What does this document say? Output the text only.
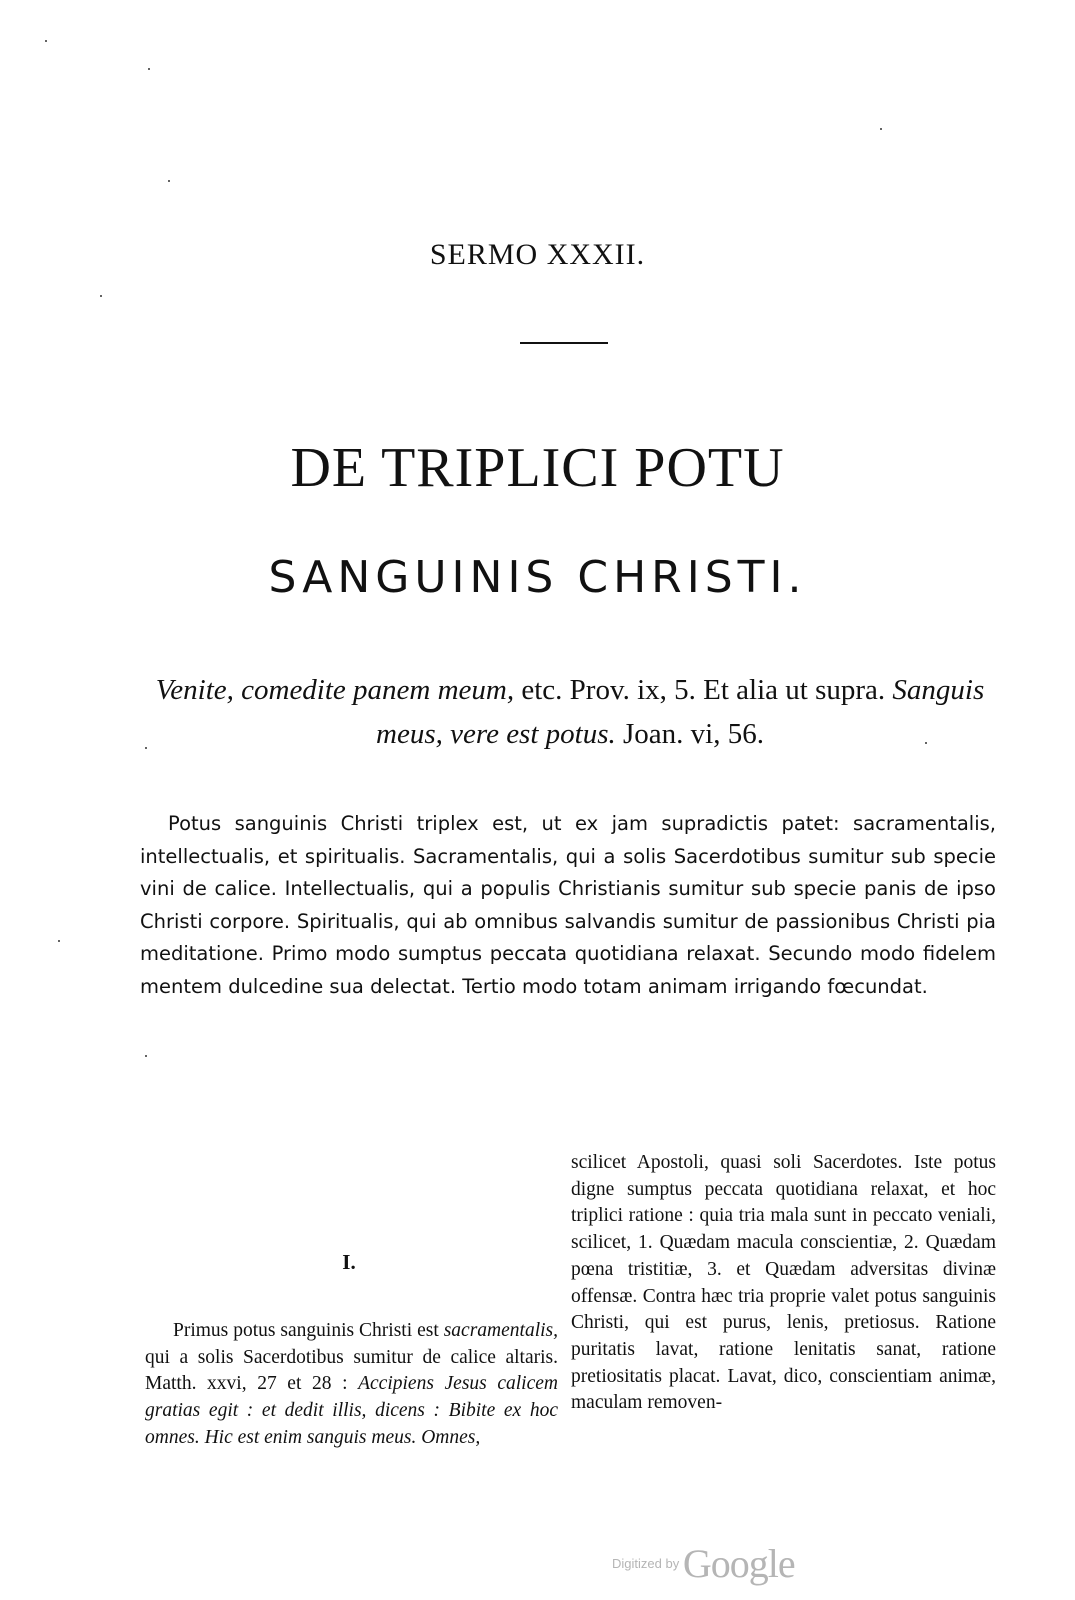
SERMO XXXII.
DE TRIPLICI POTU
SANGUINIS CHRISTI.

Venite, comedite panem meum, etc. Prov. ix, 5. Et alia ut supra. Sanguis meus, vere est potus. Joan. vi, 56.

Potus sanguinis Christi triplex est, ut ex jam supradictis patet: sacramentalis, intellectualis, et spiritualis. Sacramentalis, qui a solis Sacerdotibus sumitur sub specie vini de calice. Intellectualis, qui a populis Christianis sumitur sub specie panis de ipso Christi corpore. Spiritualis, qui ab omnibus salvandis sumitur de passionibus Christi pia meditatione. Primo modo sumptus peccata quotidiana relaxat. Secundo modo fidelem mentem dulcedine sua delectat. Tertio modo totam animam irrigando fœcundat.

I.

Primus potus sanguinis Christi est sacramentalis, qui a solis Sacerdotibus sumitur de calice altaris. Matth. xxvi, 27 et 28 : Accipiens Jesus calicem gratias egit : et dedit illis, dicens : Bibite ex hoc omnes. Hic est enim sanguis meus. Omnes,

scilicet Apostoli, quasi soli Sacerdotes. Iste potus digne sumptus peccata quotidiana relaxat, et hoc triplici ratione : quia tria mala sunt in peccato veniali, scilicet, 1. Quædam macula conscientiæ, 2. Quædam pœna tristitiæ, 3. et Quædam adversitas divinæ offensæ. Contra hæc tria proprie valet potus sanguinis Christi, qui est purus, lenis, pretiosus. Ratione puritatis lavat, ratione lenitatis sanat, ratione pretiositatis placat. Lavat, dico, conscientiam animæ, maculam removen-

Digitized by Google
